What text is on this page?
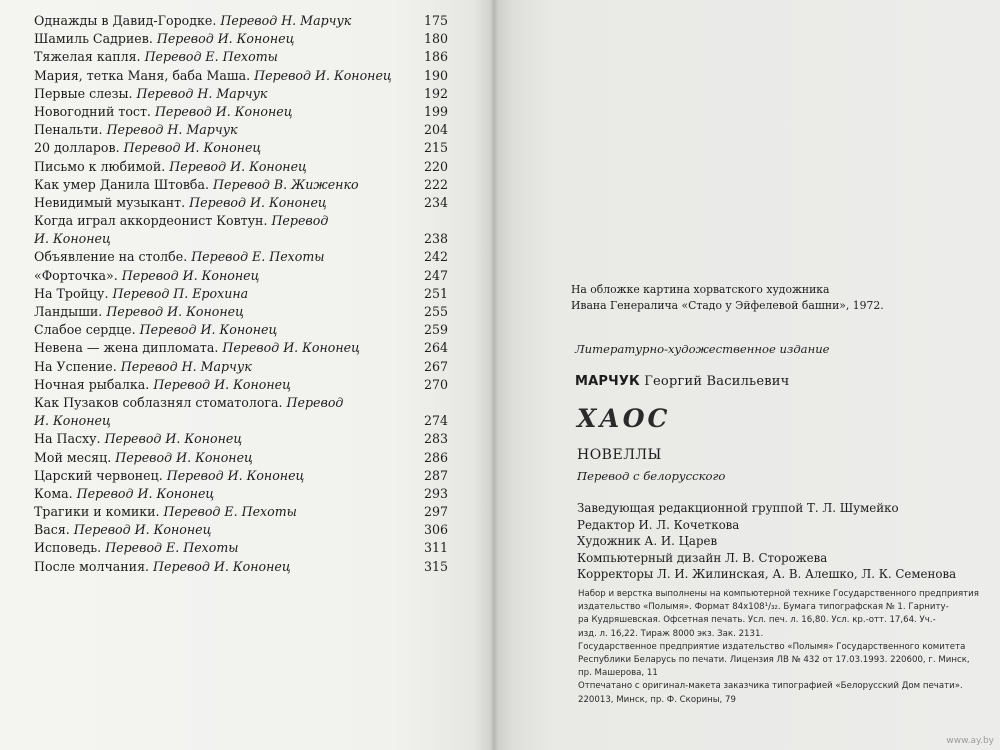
Однажды в Давид-Городке. Перевод Н. Марчук	175
Шамиль Садриев. Перевод И. Кононец	180
Тяжелая капля. Перевод Е. Пехоты	186
Мария, тетка Маня, баба Маша. Перевод И. Кононец	190
Первые слезы. Перевод Н. Марчук	192
Новогодний тост. Перевод И. Кононец	199
Пенальти. Перевод Н. Марчук	204
20 долларов. Перевод И. Кононец	215
Письмо к любимой. Перевод И. Кононец	220
Как умер Данила Штовба. Перевод В. Жиженко	222
Невидимый музыкант. Перевод И. Кононец	234
Когда играл аккордеонист Ковтун. Перевод
И. Кононец	238
Объявление на столбе. Перевод Е. Пехоты	242
«Форточка». Перевод И. Кононец	247
На Тройцу. Перевод П. Ерохина	251
Ландыши. Перевод И. Кононец	255
Слабое сердце. Перевод И. Кононец	259
Невена — жена дипломата. Перевод И. Кононец	264
На Успение. Перевод Н. Марчук	267
Ночная рыбалка. Перевод И. Кононец	270
Как Пузаков соблазнял стоматолога. Перевод
И. Кононец	274
На Пасху. Перевод И. Кононец	283
Мой месяц. Перевод И. Кононец	286
Царский червонец. Перевод И. Кононец	287
Кома. Перевод И. Кононец	293
Трагики и комики. Перевод Е. Пехоты	297
Вася. Перевод И. Кононец	306
Исповедь. Перевод Е. Пехоты	311
После молчания. Перевод И. Кононец	315
На обложке картина хорватского художника
Ивана Генералича «Стадо у Эйфелевой башни», 1972.
Литературно-художественное издание
МАРЧУК Георгий Васильевич
ХАОС
НОВЕЛЛЫ
Перевод с белорусского
Заведующая редакционной группой Т. Л. Шумейко
Редактор И. Л. Кочеткова
Художник А. И. Царев
Компьютерный дизайн Л. В. Сторожева
Корректоры Л. И. Жилинская, А. В. Алешко, Л. К. Семенова
Набор и верстка выполнены на компьютерной технике Государственного предприятия
издательство «Полымя». Формат 84х108¹/₃₂. Бумага типографская № 1. Гарниту-
ра Кудряшевская. Офсетная печать. Усл. печ. л. 16,80. Усл. кр.-отт. 17,64. Уч.-
изд. л. 16,22. Тираж 8000 экз. Зак. 2131.
Государственное предприятие издательство «Полымя» Государственного комитета
Республики Беларусь по печати. Лицензия ЛВ № 432 от 17.03.1993. 220600, г. Минск,
пр. Машерова, 11
Отпечатано с оригинал-макета заказчика типографией «Белорусский Дом печати».
220013, Минск, пр. Ф. Скорины, 79
www.ay.by
